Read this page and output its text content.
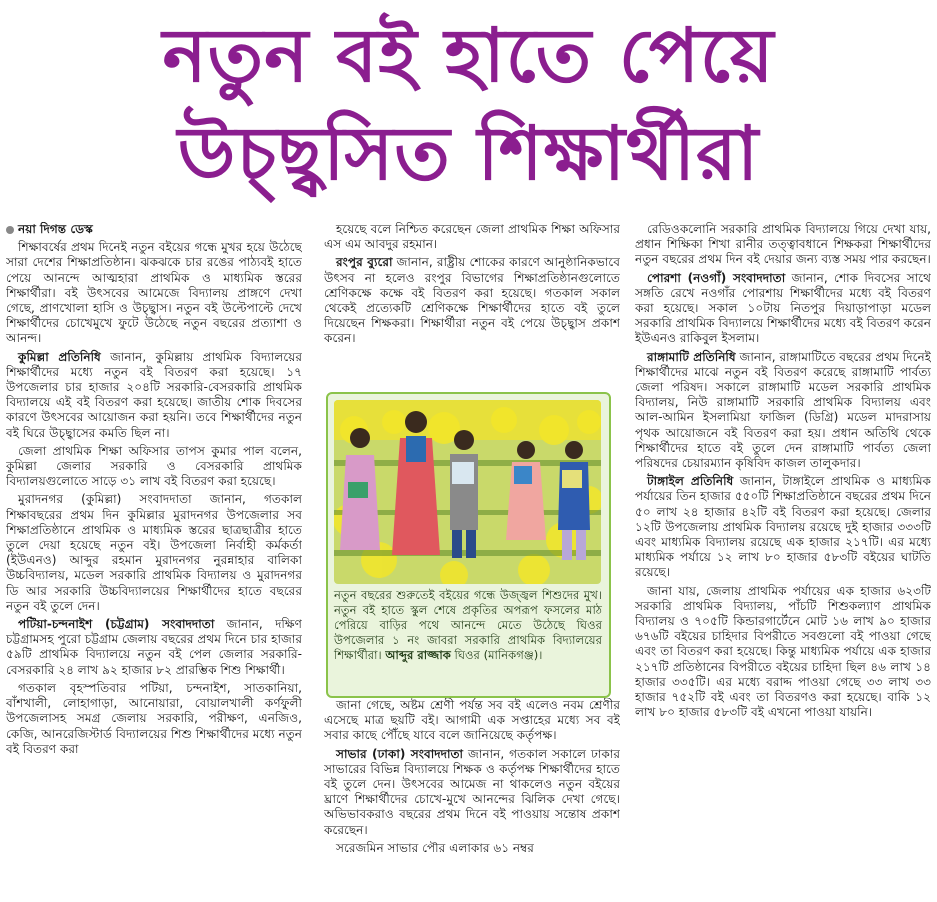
নতুন বই হাতে পেয়ে
উচ্ছ্বসিত শিক্ষার্থীরা
নয়া দিগন্ত ডেস্ক

শিক্ষাবর্ষের প্রথম দিনেই নতুন বইয়ের গন্ধে মুখর হয়ে উঠেছে সারা দেশের শিক্ষাপ্রতিষ্ঠান। ঝকঝকে চার রঙের পাঠ্যবই হাতে পেয়ে আনন্দে আত্মহারা প্রাথমিক ও মাধ্যমিক স্তরের শিক্ষার্থীরা। বই উৎসবের আমেজে বিদ্যালয় প্রাঙ্গণে দেখা গেছে, প্রাণখোলা হাসি ও উচ্ছ্বাস। নতুন বই উল্টেপাল্টে দেখে শিক্ষার্থীদের চোখেমুখে ফুটে উঠেছে নতুন বছরের প্রত্যাশা ও আনন্দ।

কুমিল্লা প্রতিনিধি জানান, কুমিল্লায় প্রাথমিক বিদ্যালয়ের শিক্ষার্থীদের মধ্যে নতুন বই বিতরণ করা হয়েছে। ১৭ উপজেলার চার হাজার ২০৪টি সরকারি-বেসরকারি প্রাথমিক বিদ্যালয়ে এই বই বিতরণ করা হয়েছে। জাতীয় শোক দিবসের কারণে উৎসবের আয়োজন করা হয়নি। তবে শিক্ষার্থীদের নতুন বই ঘিরে উচ্ছ্বাসের কমতি ছিল না।

জেলা প্রাথমিক শিক্ষা অফিসার তাপস কুমার পাল বলেন, কুমিল্লা জেলার সরকারি ও বেসরকারি প্রাথমিক বিদ্যালয়গুলোতে সাড়ে ৩১ লাখ বই বিতরণ করা হয়েছে।

মুরাদনগর (কুমিল্লা) সংবাদদাতা জানান, গতকাল শিক্ষাবছরের প্রথম দিন কুমিল্লার মুরাদনগর উপজেলার সব শিক্ষাপ্রতিষ্ঠানে প্রাথমিক ও মাধ্যমিক স্তরের ছাত্রছাত্রীর হাতে তুলে দেয়া হয়েছে নতুন বই। উপজেলা নির্বাহী কর্মকর্তা (ইউএনও) আব্দুর রহমান মুরাদনগর নুরন্নাহার বালিকা উচ্চবিদ্যালয়, মডেল সরকারি প্রাথমিক বিদ্যালয় ও মুরাদনগর ডি আর সরকারি উচ্চবিদ্যালয়ের শিক্ষার্থীদের হাতে বছরের নতুন বই তুলে দেন।

পটিয়া-চন্দনাইশ (চট্টগ্রাম) সংবাদদাতা জানান, দক্ষিণ চট্টগ্রামসহ পুরো চট্টগ্রাম জেলায় বছরের প্রথম দিনে চার হাজার ৫৯টি প্রাথমিক বিদ্যালয়ে নতুন বই পেল জেলার সরকারি-বেসরকারি ২৪ লাখ ৯২ হাজার ৮২ প্রারম্ভিক শিশু শিক্ষার্থী।

গতকাল বৃহস্পতিবার পটিয়া, চন্দনাইশ, সাতকানিয়া, বাঁশখালী, লোহাগাড়া, আনোয়ারা, বোয়ালখালী কর্ণফুলী উপজেলাসহ সমগ্র জেলায় সরকারি, পরীক্ষণ, এনজিও, কেজি, আনরেজিস্টার্ড বিদ্যালয়ের শিশু শিক্ষার্থীদের মধ্যে নতুন বই বিতরণ করা

হয়েছে বলে নিশ্চিত করেছেন জেলা প্রাথমিক শিক্ষা অফিসার এস এম আবদুর রহমান।

রংপুর ব্যুরো জানান, রাষ্ট্রীয় শোকের কারণে আনুষ্ঠানিকভাবে উৎসব না হলেও রংপুর বিভাগের শিক্ষাপ্রতিষ্ঠানগুলোতে শ্রেণিকক্ষে কক্ষে বই বিতরণ করা হয়েছে। গতকাল সকাল থেকেই প্রত্যেকটি শ্রেণিকক্ষে শিক্ষার্থীদের হাতে বই তুলে দিয়েছেন শিক্ষকরা। শিক্ষার্থীরা নতুন বই পেয়ে উচ্ছ্বাস প্রকাশ করেন।

নতুন বছরের শুরুতেই বইয়ের গন্ধে উজ্জ্বল শিশুদের মুখ। নতুন বই হাতে স্কুল শেষে প্রকৃতির অপরূপ ফসলের মাঠ পেরিয়ে বাড়ির পথে আনন্দে মেতে উঠেছে ঘিওর উপজেলার ১ নং জাবরা সরকারি প্রাথমিক বিদ্যালয়ের শিক্ষার্থীরা। আব্দুর রাজ্জাক ঘিওর (মানিকগঞ্জ)।

জানা গেছে, অষ্টম শ্রেণী পর্যন্ত সব বই এলেও নবম শ্রেণীর এসেছে মাত্র ছয়টি বই। আগামী এক সপ্তাহের মধ্যে সব বই সবার কাছে পৌঁছে যাবে বলে জানিয়েছে কর্তৃপক্ষ।

সাভার (ঢাকা) সংবাদদাতা জানান, গতকাল সকালে ঢাকার সাভারের বিভিন্ন বিদ্যালয়ে শিক্ষক ও কর্তৃপক্ষ শিক্ষার্থীদের হাতে বই তুলে দেন। উৎসবের আমেজ না থাকলেও নতুন বইয়ের ঘ্রাণে শিক্ষার্থীদের চোখে-মুখে আনন্দের ঝিলিক দেখা গেছে। অভিভাবকরাও বছরের প্রথম দিনে বই পাওয়ায় সন্তোষ প্রকাশ করেছেন।

সরেজমিন সাভার পৌর এলাকার ৬১ নম্বর

রেডিওকলোনি সরকারি প্রাথমিক বিদ্যালয়ে গিয়ে দেখা যায়, প্রধান শিক্ষিকা শিখা রানীর তত্ত্বাবধানে শিক্ষকরা শিক্ষার্থীদের নতুন বছরের প্রথম দিন বই দেয়ার জন্য ব্যস্ত সময় পার করছেন।

পোরশা (নওগাঁ) সংবাদদাতা জানান, শোক দিবসের সাথে সঙ্গতি রেখে নওগাঁর পোরশায় শিক্ষার্থীদের মধ্যে বই বিতরণ করা হয়েছে। সকাল ১০টায় নিতপুর দিয়াড়াপাড়া মডেল সরকারি প্রাথমিক বিদ্যালয়ে শিক্ষার্থীদের মধ্যে বই বিতরণ করেন ইউএনও রাকিবুল ইসলাম।

রাঙ্গামাটি প্রতিনিধি জানান, রাঙ্গামাটিতে বছরের প্রথম দিনেই শিক্ষার্থীদের মাঝে নতুন বই বিতরণ করেছে রাঙ্গামাটি পার্বত্য জেলা পরিষদ। সকালে রাঙ্গামাটি মডেল সরকারি প্রাথমিক বিদ্যালয়, নিউ রাঙ্গামাটি সরকারি প্রাথমিক বিদ্যালয় এবং আল-আমিন ইসলামিয়া ফাজিল (ডিগ্রি) মডেল মাদরাসায় পৃথক আয়োজনে বই বিতরণ করা হয়। প্রধান অতিথি থেকে শিক্ষার্থীদের হাতে বই তুলে দেন রাঙ্গামাটি পার্বত্য জেলা পরিষদের চেয়ারম্যান কৃষিবিদ কাজল তালুকদার।

টাঙ্গাইল প্রতিনিধি জানান, টাঙ্গাইলে প্রাথমিক ও মাধ্যমিক পর্যায়ের তিন হাজার ৫৫০টি শিক্ষাপ্রতিষ্ঠানে বছরের প্রথম দিনে ৫০ লাখ ২৪ হাজার ৪২টি বই বিতরণ করা হয়েছে। জেলার ১২টি উপজেলায় প্রাথমিক বিদ্যালয় রয়েছে দুই হাজার ৩৩৩টি এবং মাধ্যমিক বিদ্যালয় রয়েছে এক হাজার ২১৭টি। এর মধ্যে মাধ্যমিক পর্যায়ে ১২ লাখ ৮০ হাজার ৫৮৩টি বইয়ের ঘাটতি রয়েছে।

জানা যায়, জেলায় প্রাথমিক পর্যায়ের এক হাজার ৬২৩টি সরকারি প্রাথমিক বিদ্যালয়, পাঁচটি শিশুকল্যাণ প্রাথমিক বিদ্যালয় ও ৭০৫টি কিন্ডারগার্টেনে মোট ১৬ লাখ ৯০ হাজার ৬৭৬টি বইয়ের চাহিদার বিপরীতে সবগুলো বই পাওয়া গেছে এবং তা বিতরণ করা হয়েছে। কিন্তু মাধ্যমিক পর্যায়ে এক হাজার ২১৭টি প্রতিষ্ঠানের বিপরীতে বইয়ের চাহিদা ছিল ৪৬ লাখ ১৪ হাজার ৩৩৫টি। এর মধ্যে বরাদ্দ পাওয়া গেছে ৩৩ লাখ ৩৩ হাজার ৭৫২টি বই এবং তা বিতরণও করা হয়েছে। বাকি ১২ লাখ ৮০ হাজার ৫৮৩টি বই এখনো পাওয়া যায়নি।
